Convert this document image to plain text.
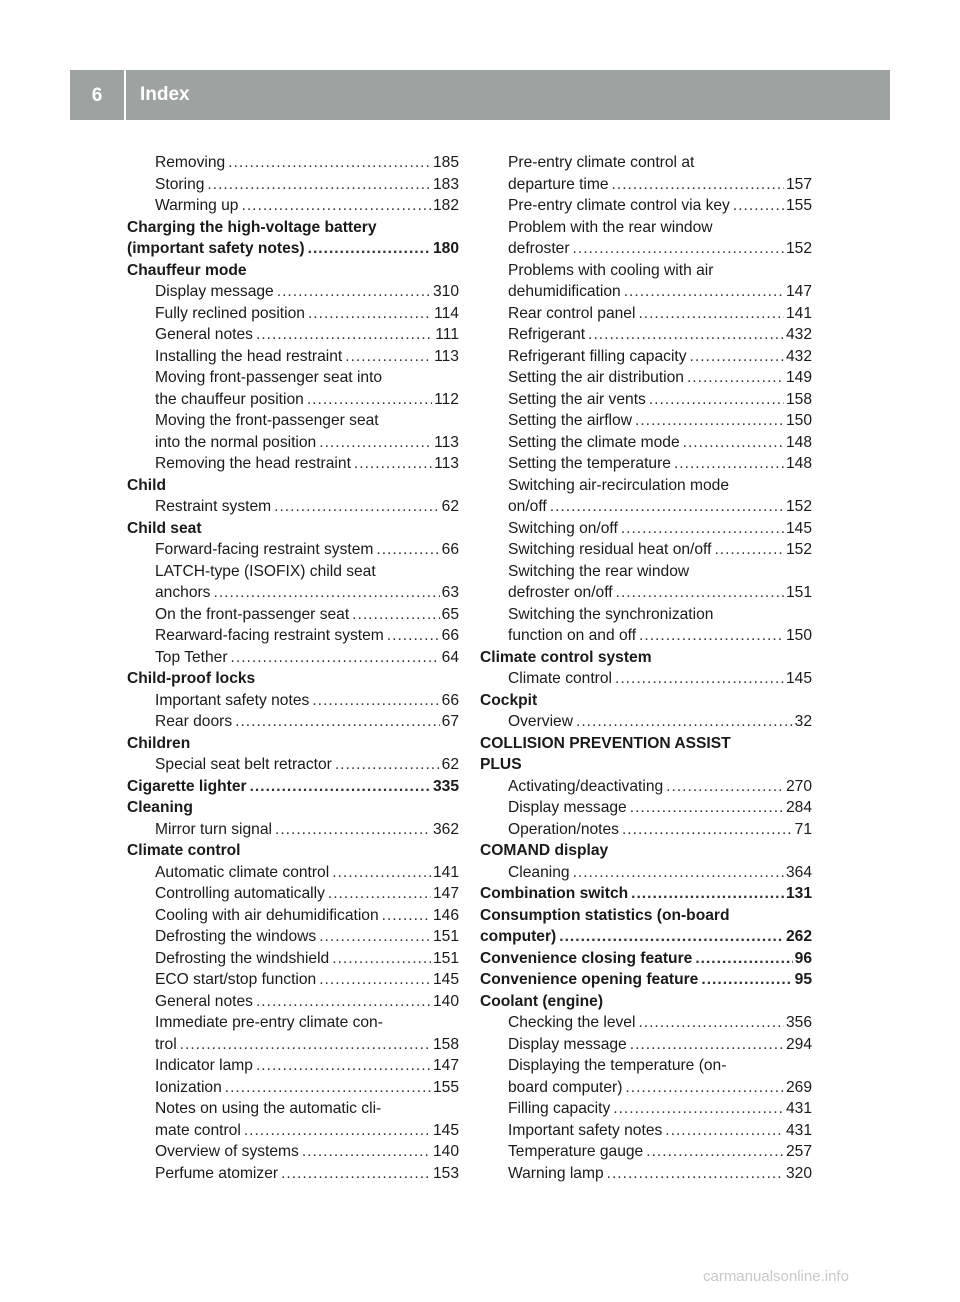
6	Index
Removing .....	185
Storing .....	183
Warming up .....	182
Charging the high-voltage battery
(important safety notes) .....	180
Chauffeur mode
Display message .....	310
Fully reclined position .....	114
General notes .....	111
Installing the head restraint .....	113
Moving front-passenger seat into
the chauffeur position .....	112
Moving the front-passenger seat
into the normal position .....	113
Removing the head restraint .....	113
Child
Restraint system .....	62
Child seat
Forward-facing restraint system .....	66
LATCH-type (ISOFIX) child seat
anchors .....	63
On the front-passenger seat .....	65
Rearward-facing restraint system .....	66
Top Tether .....	64
Child-proof locks
Important safety notes .....	66
Rear doors .....	67
Children
Special seat belt retractor .....	62
Cigarette lighter .....	335
Cleaning
Mirror turn signal .....	362
Climate control
Automatic climate control .....	141
Controlling automatically .....	147
Cooling with air dehumidification .....	146
Defrosting the windows .....	151
Defrosting the windshield .....	151
ECO start/stop function .....	145
General notes .....	140
Immediate pre-entry climate con-
trol .....	158
Indicator lamp .....	147
Ionization .....	155
Notes on using the automatic cli-
mate control .....	145
Overview of systems .....	140
Perfume atomizer .....	153
Pre-entry climate control at
departure time .....	157
Pre-entry climate control via key .....	155
Problem with the rear window
defroster .....	152
Problems with cooling with air
dehumidification .....	147
Rear control panel .....	141
Refrigerant .....	432
Refrigerant filling capacity .....	432
Setting the air distribution .....	149
Setting the air vents .....	158
Setting the airflow .....	150
Setting the climate mode .....	148
Setting the temperature .....	148
Switching air-recirculation mode
on/off .....	152
Switching on/off .....	145
Switching residual heat on/off .....	152
Switching the rear window
defroster on/off .....	151
Switching the synchronization
function on and off .....	150
Climate control system
Climate control .....	145
Cockpit
Overview .....	32
COLLISION PREVENTION ASSIST
PLUS
Activating/deactivating .....	270
Display message .....	284
Operation/notes .....	71
COMAND display
Cleaning .....	364
Combination switch .....	131
Consumption statistics (on-board
computer) .....	262
Convenience closing feature .....	96
Convenience opening feature .....	95
Coolant (engine)
Checking the level .....	356
Display message .....	294
Displaying the temperature (on-
board computer) .....	269
Filling capacity .....	431
Important safety notes .....	431
Temperature gauge .....	257
Warning lamp .....	320
carmanualsonline.info
